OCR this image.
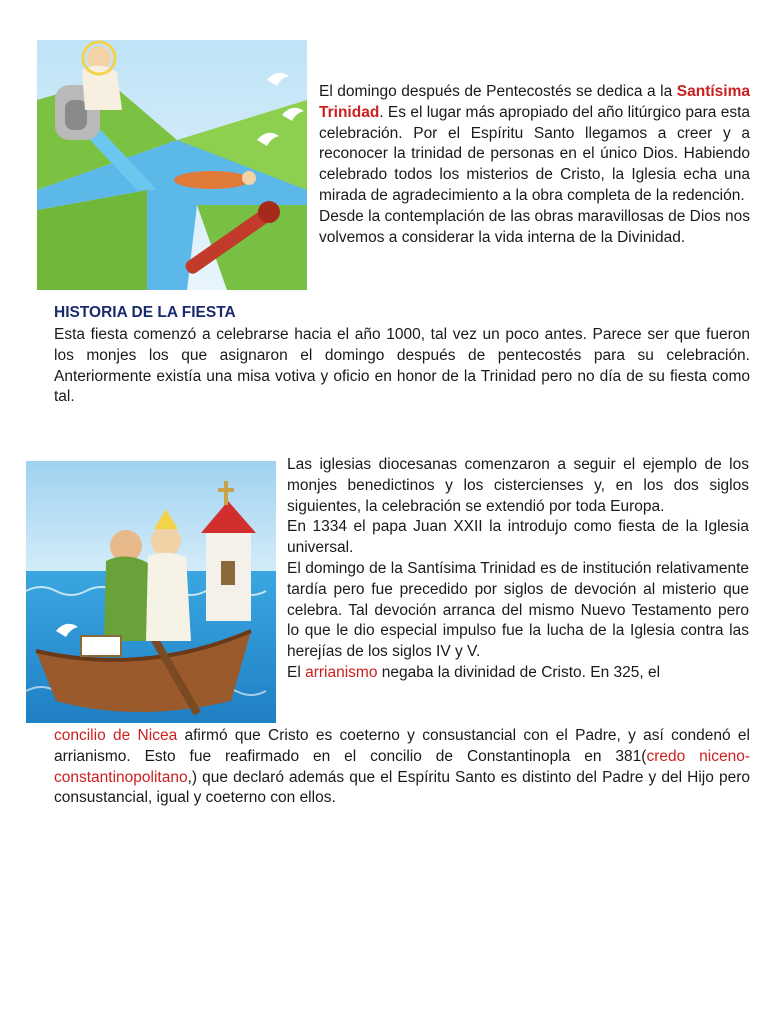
El domingo después de Pentecostés se dedica a la Santísima Trinidad. Es el lugar más apropiado del año litúrgico para esta celebración. Por el Espíritu Santo llegamos a creer y a reconocer la trinidad de personas en el único Dios. Habiendo celebrado todos los misterios de Cristo, la Iglesia echa una mirada de agradecimiento a la obra completa de la redención.
Desde la contemplación de las obras maravillosas de Dios nos volvemos a considerar la vida interna de la Divinidad.

HISTORIA DE LA FIESTA

Esta fiesta comenzó a celebrarse hacia el año 1000, tal vez un poco antes. Parece ser que fueron los monjes los que asignaron el domingo después de pentecostés para su celebración. Anteriormente existía una misa votiva y oficio en honor de la Trinidad pero no día de su fiesta como tal.

Las iglesias diocesanas comenzaron a seguir el ejemplo de los monjes benedictinos y los cistercienses y, en los dos siglos siguientes, la celebración se extendió por toda Europa.
En 1334 el papa Juan XXII la introdujo como fiesta de la Iglesia universal.
El domingo de la Santísima Trinidad es de institución relativamente tardía pero fue precedido por siglos de devoción al misterio que celebra. Tal devoción arranca del mismo Nuevo Testamento pero lo que le dio especial impulso fue la lucha de la Iglesia contra las herejías de los siglos IV y V.
El arrianismo negaba la divinidad de Cristo. En 325, el

concilio de Nicea afirmó que Cristo es coeterno y consustancial con el Padre, y así condenó el arrianismo. Esto fue reafirmado en el concilio de Constantinopla en 381(credo niceno-constantinopolitano,) que declaró además que el Espíritu Santo es distinto del Padre y del Hijo pero consustancial, igual y coeterno con ellos.
